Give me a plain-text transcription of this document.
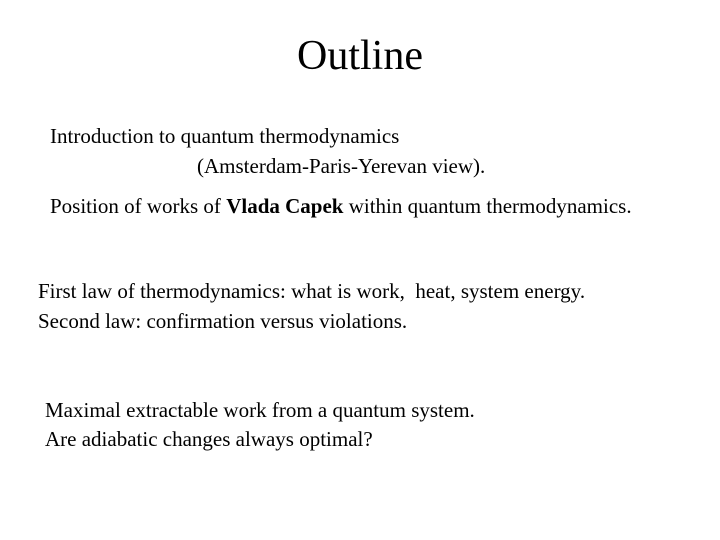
Outline

Introduction to quantum thermodynamics

(Amsterdam-Paris-Yerevan view).

Position of works of Vlada Capek within quantum thermodynamics.

First law of thermodynamics: what is work,  heat, system energy.

Second law: confirmation versus violations.

Maximal extractable work from a quantum system.

Are adiabatic changes always optimal?
